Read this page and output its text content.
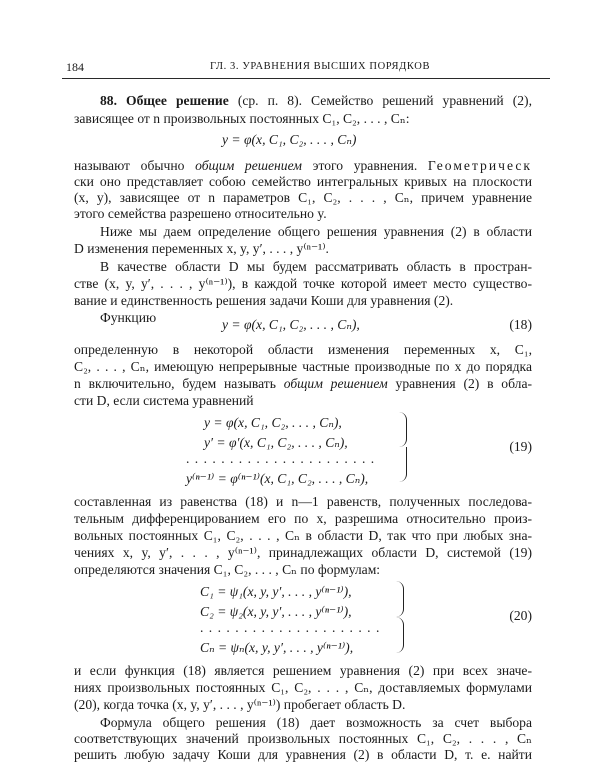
184	ГЛ. 3. УРАВНЕНИЯ ВЫСШИХ ПОРЯДКОВ
88. Общее решение (ср. п. 8). Семейство решений уравнений (2),
зависящее от n произвольных постоянных C₁, C₂, . . . , Cₙ:
y = φ(x, C₁, C₂, . . . , Cₙ)
называют обычно общим решением этого уравнения. Геометрическ
ски оно представляет собою семейство интегральных кривых на плоскости
(x, y), зависящее от n параметров C₁, C₂, . . . , Cₙ, причем уравнение
этого семейства разрешено относительно y.
Ниже мы даем определение общего решения уравнения (2) в области
D изменения переменных x, y, y′, . . . , y⁽ⁿ⁻¹⁾.
В качестве области D мы будем рассматривать область в простран-
стве (x, y, y′, . . . , y⁽ⁿ⁻¹⁾), в каждой точке которой имеет место существо-
вание и единственность решения задачи Коши для уравнения (2).
Функцию	y = φ(x, C₁, C₂, . . . , Cₙ),	(18)
определенную в некоторой области изменения переменных x, C₁,
C₂, . . . , Cₙ, имеющую непрерывные частные производные по x до порядка
n включительно, будем называть общим решением уравнения (2) в обла-
сти D, если система уравнений
y = φ(x, C₁, C₂, . . . , Cₙ),
y′ = φ′(x, C₁, C₂, . . . , Cₙ),
. . . . . . . . . . . . . . . . . . . . . .
y⁽ⁿ⁻¹⁾ = φ⁽ⁿ⁻¹⁾(x, C₁, C₂, . . . , Cₙ),
(19)
составленная из равенства (18) и n—1 равенств, полученных последова-
тельным дифференцированием его по x, разрешима относительно произ-
вольных постоянных C₁, C₂, . . . , Cₙ в области D, так что при любых зна-
чениях x, y, y′, . . . , y⁽ⁿ⁻¹⁾, принадлежащих области D, системой (19)
определяются значения C₁, C₂, . . . , Cₙ по формулам:
C₁ = ψ₁(x, y, y′, . . . , y⁽ⁿ⁻¹⁾),
C₂ = ψ₂(x, y, y′, . . . , y⁽ⁿ⁻¹⁾),
. . . . . . . . . . . . . . . . . . . . .
Cₙ = ψₙ(x, y, y′, . . . , y⁽ⁿ⁻¹⁾),
(20)
и если функция (18) является решением уравнения (2) при всех значе-
ниях произвольных постоянных C₁, C₂, . . . , Cₙ, доставляемых формулами
(20), когда точка (x, y, y′, . . . , y⁽ⁿ⁻¹⁾) пробегает область D.
Формула общего решения (18) дает возможность за счет выбора
соответствующих значений произвольных постоянных C₁, C₂, . . . , Cₙ
решить любую задачу Коши для уравнения (2) в области D, т. е. найти
